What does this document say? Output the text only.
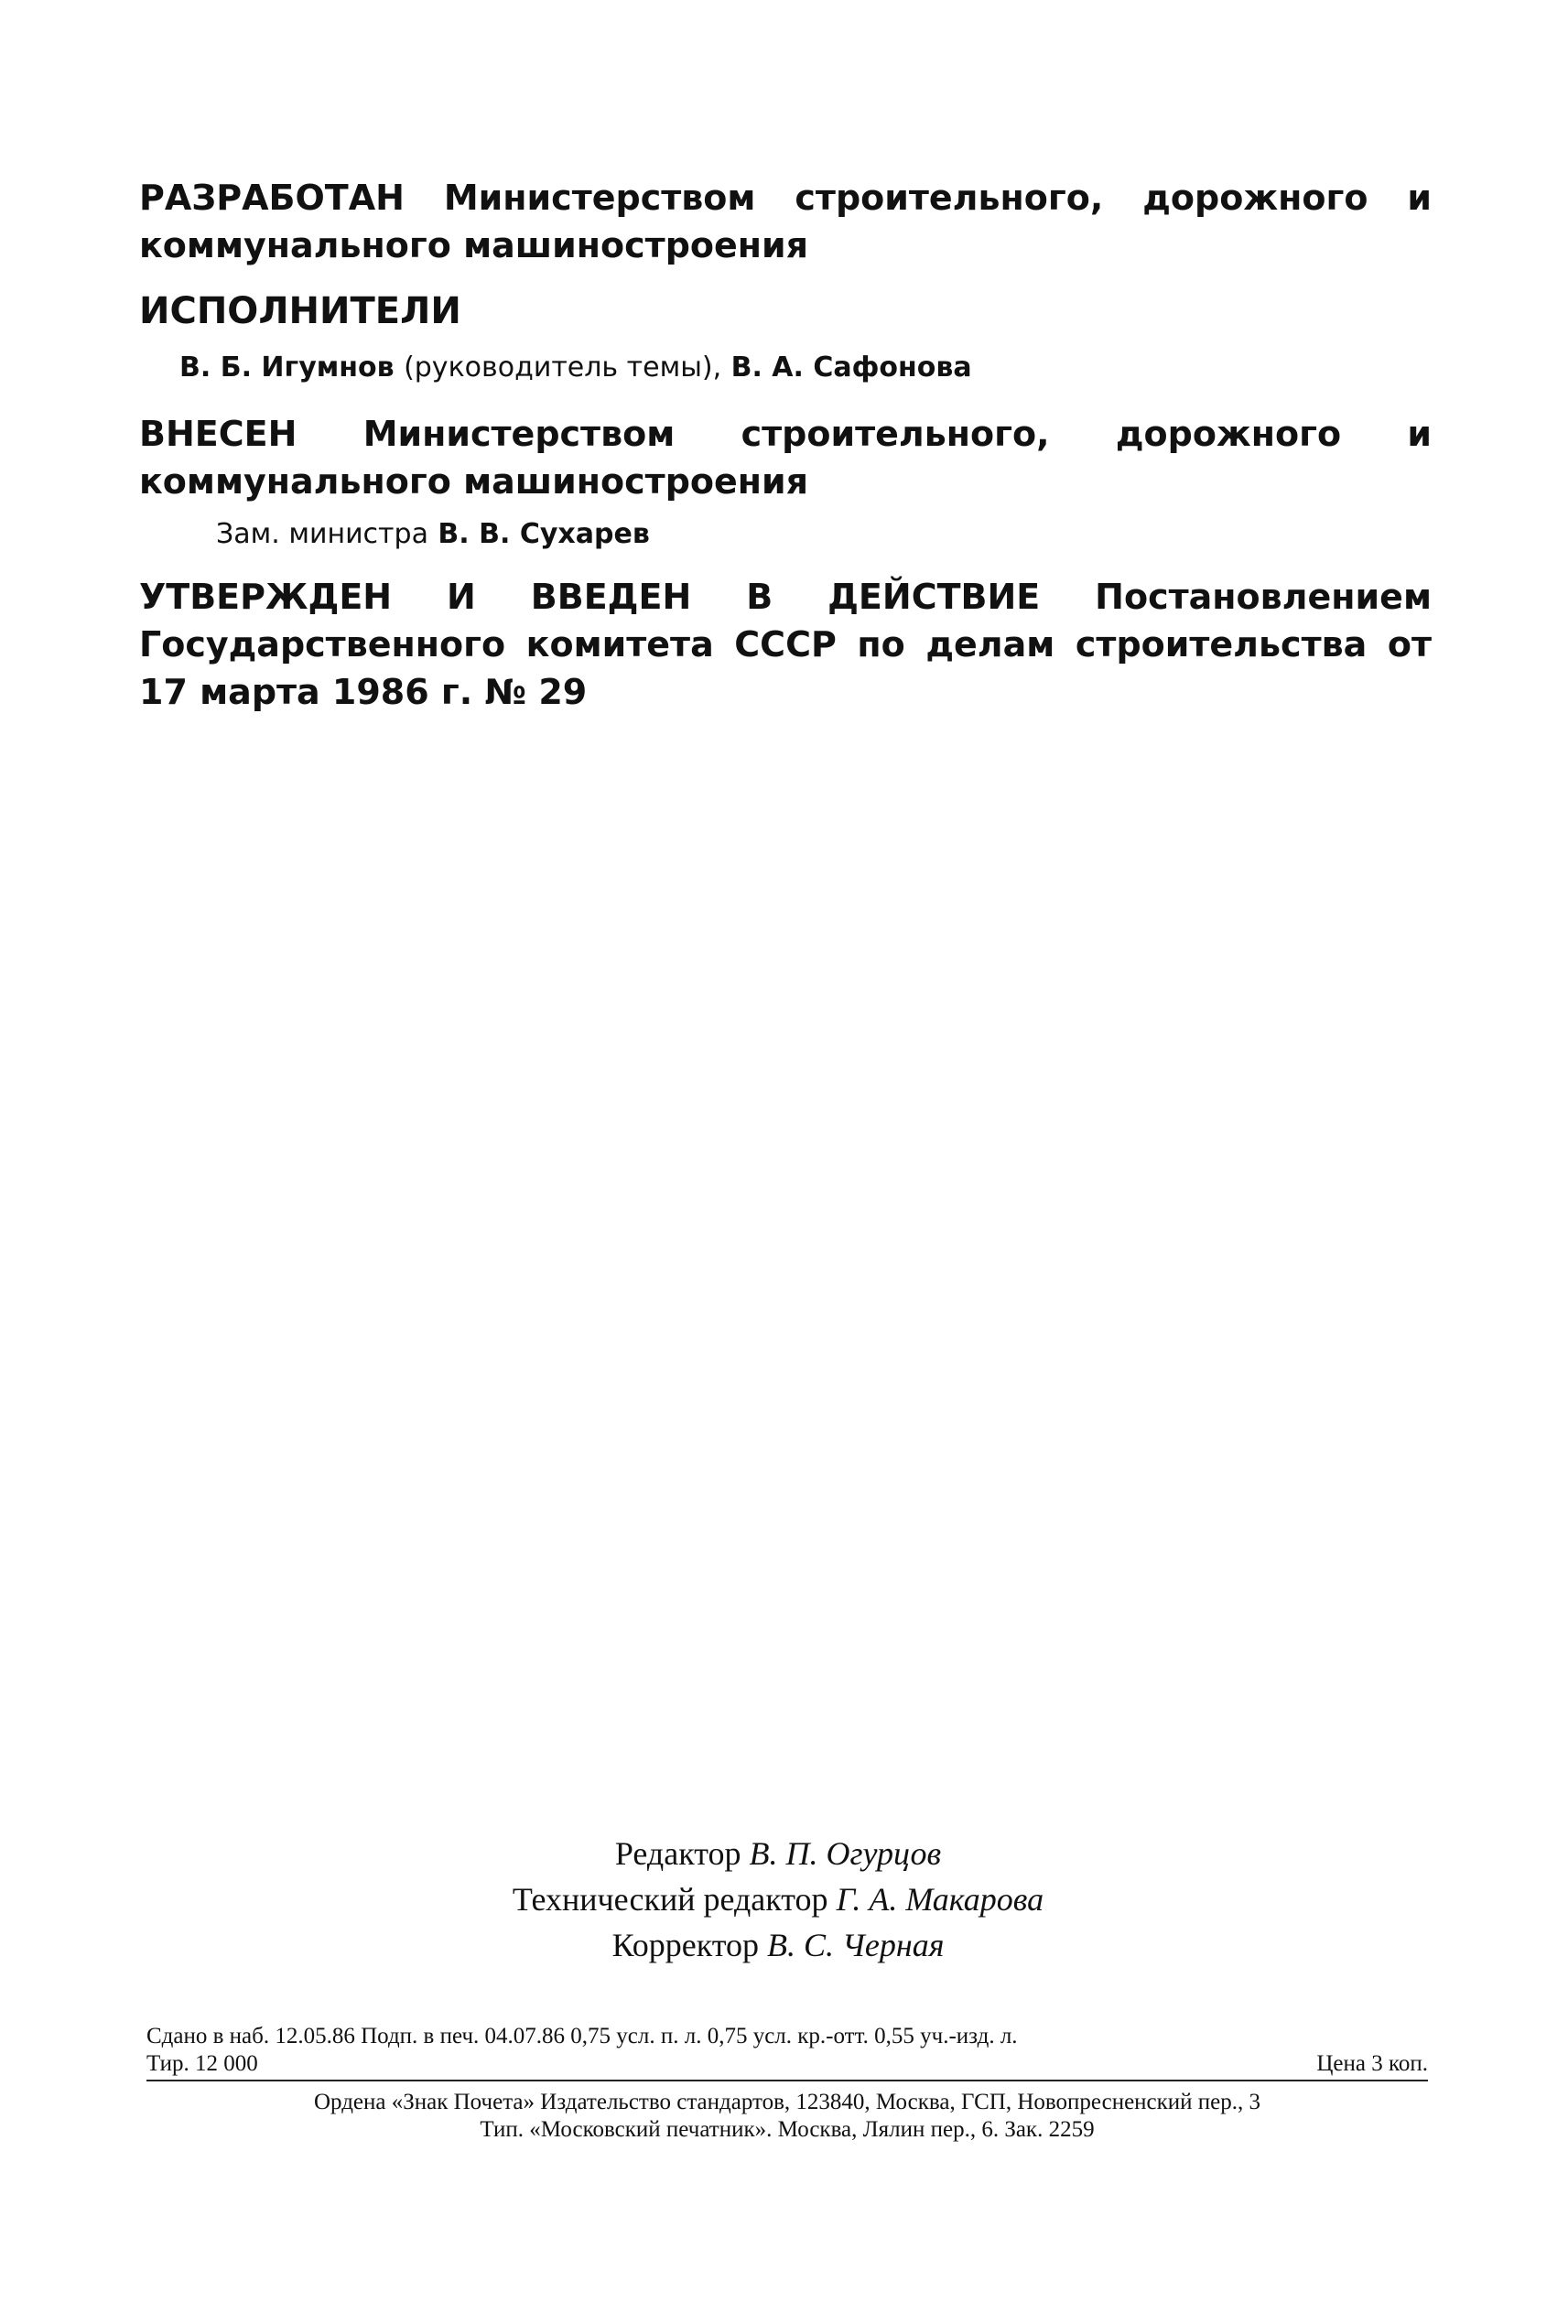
РАЗРАБОТАН Министерством строительного, дорожного и коммунального машиностроения
ИСПОЛНИТЕЛИ
В. Б. Игумнов (руководитель темы), В. А. Сафонова
ВНЕСЕН Министерством строительного, дорожного и коммунального машиностроения
Зам. министра В. В. Сухарев
УТВЕРЖДЕН И ВВЕДЕН В ДЕЙСТВИЕ Постановлением Государственного комитета СССР по делам строительства от 17 марта 1986 г. № 29
Редактор В. П. Огурцов
Технический редактор Г. А. Макарова
Корректор В. С. Черная
Сдано в наб. 12.05.86 Подп. в печ. 04.07.86 0,75 усл. п. л. 0,75 усл. кр.-отт. 0,55 уч.-изд. л.
Тир. 12 000	Цена 3 коп.
Ордена «Знак Почета» Издательство стандартов, 123840, Москва, ГСП, Новопресненский пер., 3
Тип. «Московский печатник». Москва, Лялин пер., 6. Зак. 2259
